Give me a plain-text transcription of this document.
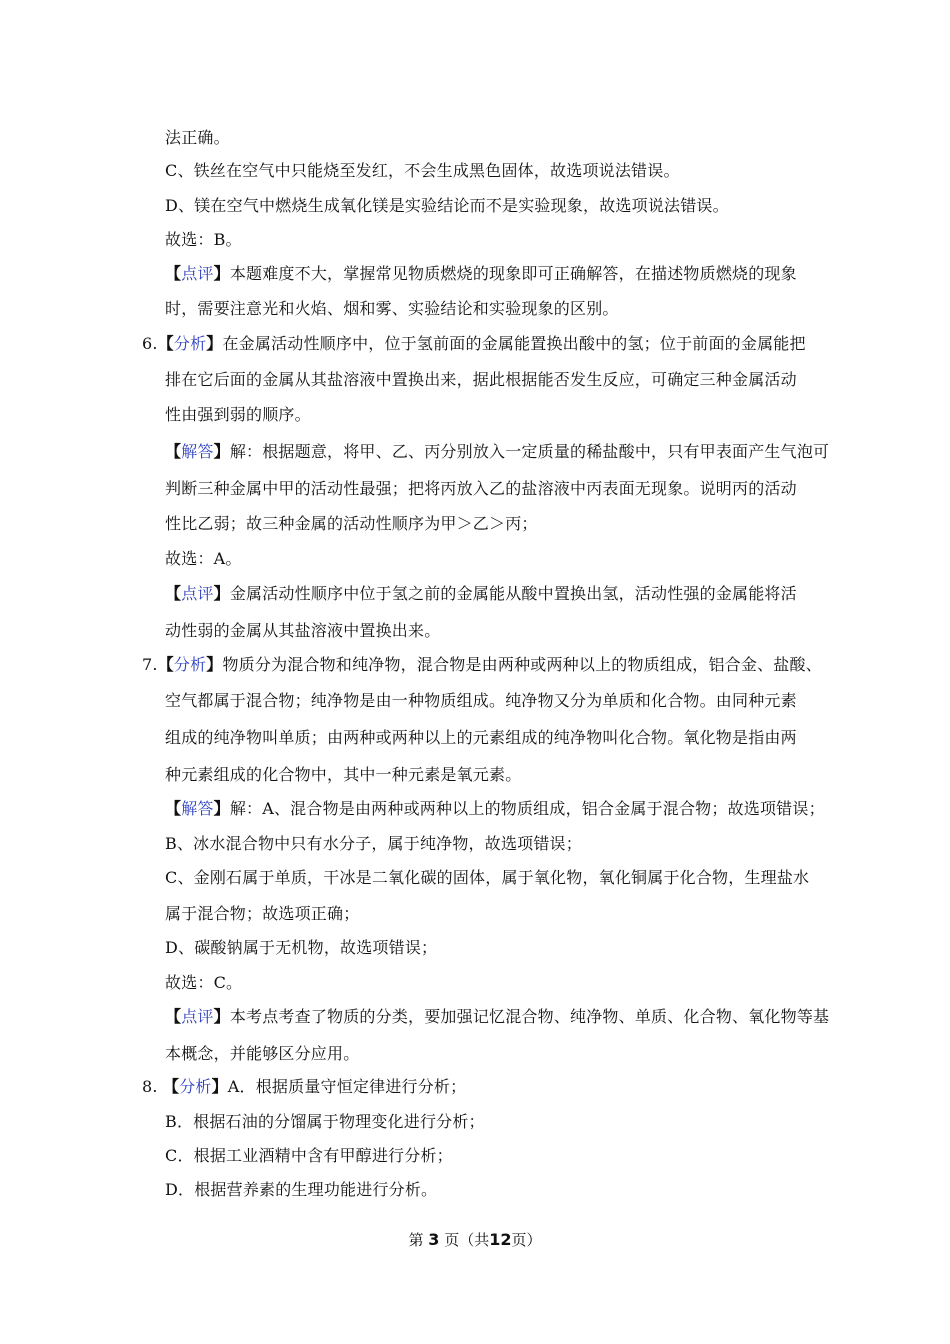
法正确。
C、铁丝在空气中只能烧至发红，不会生成黑色固体，故选项说法错误。
D、镁在空气中燃烧生成氧化镁是实验结论而不是实验现象，故选项说法错误。
故选：B。
【点评】本题难度不大，掌握常见物质燃烧的现象即可正确解答，在描述物质燃烧的现象
时，需要注意光和火焰、烟和雾、实验结论和实验现象的区别。
6.【分析】在金属活动性顺序中，位于氢前面的金属能置换出酸中的氢；位于前面的金属能把
排在它后面的金属从其盐溶液中置换出来，据此根据能否发生反应，可确定三种金属活动
性由强到弱的顺序。
【解答】解：根据题意，将甲、乙、丙分别放入一定质量的稀盐酸中，只有甲表面产生气泡可
判断三种金属中甲的活动性最强；把将丙放入乙的盐溶液中丙表面无现象。说明丙的活动
性比乙弱；故三种金属的活动性顺序为甲＞乙＞丙；
故选：A。
【点评】金属活动性顺序中位于氢之前的金属能从酸中置换出氢，活动性强的金属能将活
动性弱的金属从其盐溶液中置换出来。
7.【分析】物质分为混合物和纯净物，混合物是由两种或两种以上的物质组成，铝合金、盐酸、
空气都属于混合物；纯净物是由一种物质组成。纯净物又分为单质和化合物。由同种元素
组成的纯净物叫单质；由两种或两种以上的元素组成的纯净物叫化合物。氧化物是指由两
种元素组成的化合物中，其中一种元素是氧元素。
【解答】解：A、混合物是由两种或两种以上的物质组成，铝合金属于混合物；故选项错误；
B、冰水混合物中只有水分子，属于纯净物，故选项错误；
C、金刚石属于单质，干冰是二氧化碳的固体，属于氧化物，氧化铜属于化合物，生理盐水
属于混合物；故选项正确；
D、碳酸钠属于无机物，故选项错误；
故选：C。
【点评】本考点考查了物质的分类，要加强记忆混合物、纯净物、单质、化合物、氧化物等基
本概念，并能够区分应用。
8. 【分析】A．根据质量守恒定律进行分析；
B．根据石油的分馏属于物理变化进行分析；
C．根据工业酒精中含有甲醇进行分析；
D．根据营养素的生理功能进行分析。
第 3 页（共12页）
